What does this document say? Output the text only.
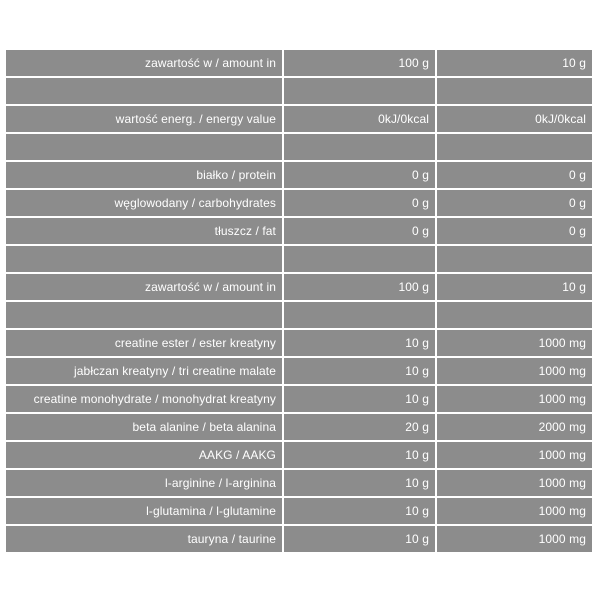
zawartość w / amount in	100 g	10 g

wartość energ. / energy value	0kJ/0kcal	0kJ/0kcal

białko / protein	0 g	0 g
węglowodany / carbohydrates	0 g	0 g
tłuszcz / fat	0 g	0 g

zawartość w / amount in	100 g	10 g

creatine ester / ester kreatyny	10 g	1000 mg
jabłczan kreatyny / tri creatine malate	10 g	1000 mg
creatine monohydrate / monohydrat kreatyny	10 g	1000 mg
beta alanine / beta alanina	20 g	2000 mg
AAKG / AAKG	10 g	1000 mg
l-arginine / l-arginina	10 g	1000 mg
l-glutamina / l-glutamine	10 g	1000 mg
tauryna / taurine	10 g	1000 mg
